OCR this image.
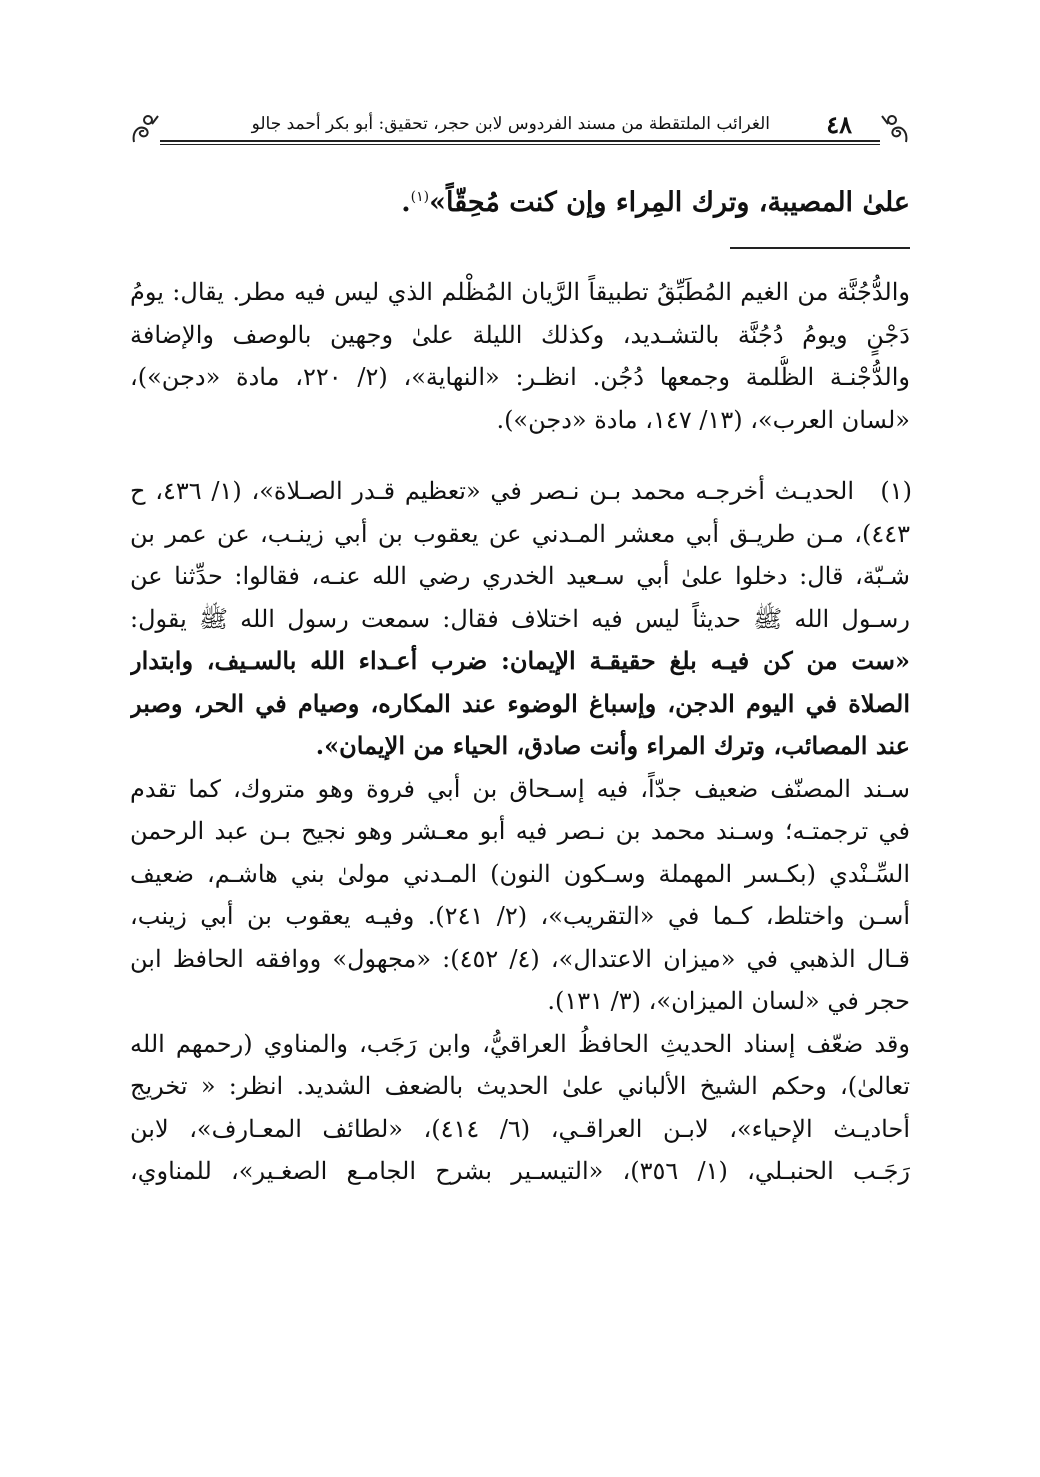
٤٨
الغرائب الملتقطة من مسند الفردوس لابن حجر، تحقيق: أبو بكر أحمد جالو
علىٰ المصيبة، وترك المِراء وإن كنت مُحِقّاً»$^{(١)}$.
والدُّجُنَّة من الغيم المُطَبِّقُ تطبيقاً الرَّيان المُظْلم الذي ليس فيه مطر. يقال: يومُ
دَجْنٍ ويومُ دُجُنَّة بالتشـديد، وكذلك الليلة علىٰ وجهين بالوصف والإضافة
والدُّجْنـة الظُّلمة وجمعها دُجُن. انظـر: «النهاية»، (٢/ ٢٢٠، مادة «دجن»)،
«لسان العرب»، (١٣/ ١٤٧، مادة «دجن»).
(١)
الحديـث أخرجـه محمد بـن نـصر في «تعظيم قـدر الصـلاة»، (١/ ٤٣٦، ح
٤٤٣)، مـن طريـق أبي معشر المـدني عن يعقوب بن أبي زينـب، عن عمر بن
شـبّة، قال: دخلوا علىٰ أبي سـعيد الخدري رضي الله عنـه، فقالوا: حدِّثنا عن
رسـول الله ﷺ حديثاً ليس فيه اختلاف فقال: سمعت رسول الله ﷺ يقول:
«ست من كن فيـه بلغ حقيقـة الإيمان: ضرب أعـداء الله بالسـيف، وابتدار
الصلاة في اليوم الدجن، وإسباغ الوضوء عند المكاره، وصيام في الحر، وصبر
عند المصائب، وترك المراء وأنت صادق، الحياء من الإيمان».
سـند المصنّف ضعيف جدّاً، فيه إسـحاق بن أبي فروة وهو متروك، كما تقدم
في ترجمتـه؛ وسـند محمد بن نـصر فيه أبو معـشر وهو نجيح بـن عبد الرحمن
السِّـنْدي (بكـسر المهملة وسـكون النون) المـدني مولىٰ بني هاشـم، ضعيف
أسـن واختلط، كـما في «التقريب»، (٢/ ٢٤١). وفيـه يعقوب بن أبي زينب،
قـال الذهبي في «ميزان الاعتدال»، (٤/ ٤٥٢): «مجهول» ووافقه الحافظ ابن
حجر في «لسان الميزان»، (٣/ ١٣١).
وقد ضعّف إسناد الحديثِ الحافظُ العراقيُّ، وابن رَجَب، والمناوي (رحمهم الله
تعالىٰ)، وحكم الشيخ الألباني علىٰ الحديث بالضعف الشديد. انظر: « تخريج
أحاديـث الإحياء»، لابـن العراقـي، (٦/ ٤١٤)، «لطائف المعـارف»، لابن
رَجَـب الحنبـلي، (١/ ٣٥٦)، «التيسـير بشرح الجامـع الصغـير»، للمناوي،
